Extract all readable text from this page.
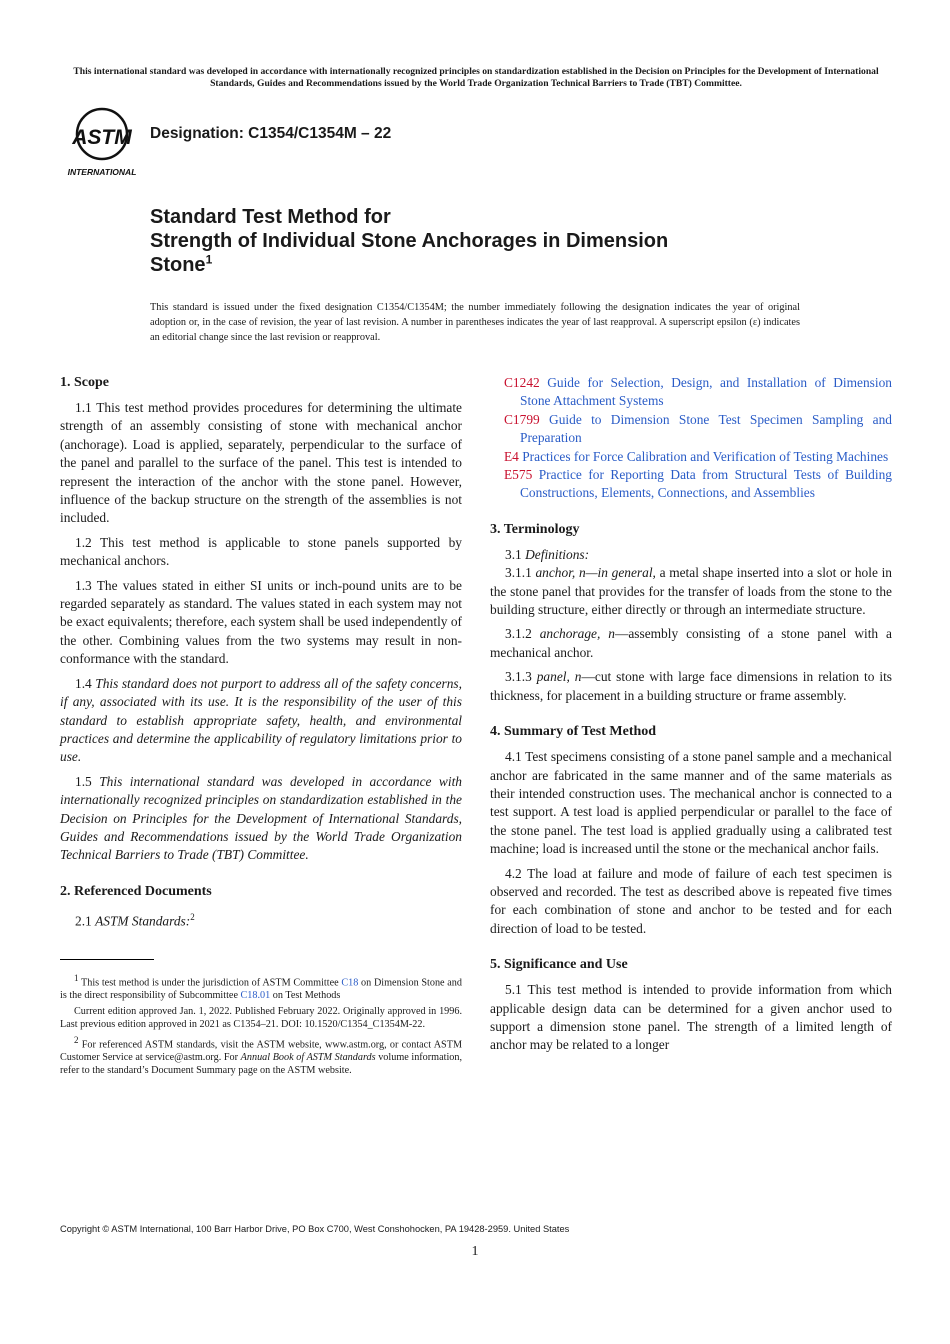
This international standard was developed in accordance with internationally recognized principles on standardization established in the Decision on Principles for the Development of International Standards, Guides and Recommendations issued by the World Trade Organization Technical Barriers to Trade (TBT) Committee.
ASTM
INTERNATIONAL
Designation: C1354/C1354M – 22
Standard Test Method for
Strength of Individual Stone Anchorages in Dimension
Stone$^1$
This standard is issued under the fixed designation C1354/C1354M; the number immediately following the designation indicates the year of original adoption or, in the case of revision, the year of last revision. A number in parentheses indicates the year of last reapproval. A superscript epsilon (ε) indicates an editorial change since the last revision or reapproval.
1. Scope

1.1 This test method provides procedures for determining the ultimate strength of an assembly consisting of stone with mechanical anchor (anchorage). Load is applied, separately, perpendicular to the surface of the panel and parallel to the surface of the panel. This test is intended to represent the interaction of the anchor with the stone panel. However, influence of the backup structure on the strength of the assemblies is not included.

1.2 This test method is applicable to stone panels supported by mechanical anchors.

1.3 The values stated in either SI units or inch-pound units are to be regarded separately as standard. The values stated in each system may not be exact equivalents; therefore, each system shall be used independently of the other. Combining values from the two systems may result in non-conformance with the standard.

1.4 This standard does not purport to address all of the safety concerns, if any, associated with its use. It is the responsibility of the user of this standard to establish appropriate safety, health, and environmental practices and determine the applicability of regulatory limitations prior to use.

1.5 This international standard was developed in accordance with internationally recognized principles on standardization established in the Decision on Principles for the Development of International Standards, Guides and Recommendations issued by the World Trade Organization Technical Barriers to Trade (TBT) Committee.

2. Referenced Documents

2.1 ASTM Standards:$^2$

$^1$ This test method is under the jurisdiction of ASTM Committee C18 on Dimension Stone and is the direct responsibility of Subcommittee C18.01 on Test Methods

Current edition approved Jan. 1, 2022. Published February 2022. Originally approved in 1996. Last previous edition approved in 2021 as C1354–21. DOI: 10.1520/C1354_C1354M-22.

$^2$ For referenced ASTM standards, visit the ASTM website, www.astm.org, or contact ASTM Customer Service at service@astm.org. For Annual Book of ASTM Standards volume information, refer to the standard’s Document Summary page on the ASTM website.

C1242 Guide for Selection, Design, and Installation of Dimension Stone Attachment Systems

C1799 Guide to Dimension Stone Test Specimen Sampling and Preparation

E4 Practices for Force Calibration and Verification of Testing Machines

E575 Practice for Reporting Data from Structural Tests of Building Constructions, Elements, Connections, and Assemblies

3. Terminology

3.1 Definitions:

3.1.1 anchor, n—in general, a metal shape inserted into a slot or hole in the stone panel that provides for the transfer of loads from the stone to the building structure, either directly or through an intermediate structure.

3.1.2 anchorage, n—assembly consisting of a stone panel with a mechanical anchor.

3.1.3 panel, n—cut stone with large face dimensions in relation to its thickness, for placement in a building structure or frame assembly.

4. Summary of Test Method

4.1 Test specimens consisting of a stone panel sample and a mechanical anchor are fabricated in the same manner and of the same materials as their intended construction uses. The mechanical anchor is connected to a test support. A test load is applied perpendicular or parallel to the face of the stone panel. The test load is applied gradually using a calibrated test machine; load is increased until the stone or the mechanical anchor fails.

4.2 The load at failure and mode of failure of each test specimen is observed and recorded. The test as described above is repeated five times for each combination of stone and anchor to be tested and for each direction of load to be tested.

5. Significance and Use

5.1 This test method is intended to provide information from which applicable design data can be determined for a given anchor used to support a dimension stone panel. The strength of a limited length of anchor may be related to a longer

Copyright © ASTM International, 100 Barr Harbor Drive, PO Box C700, West Conshohocken, PA 19428-2959. United States
1
